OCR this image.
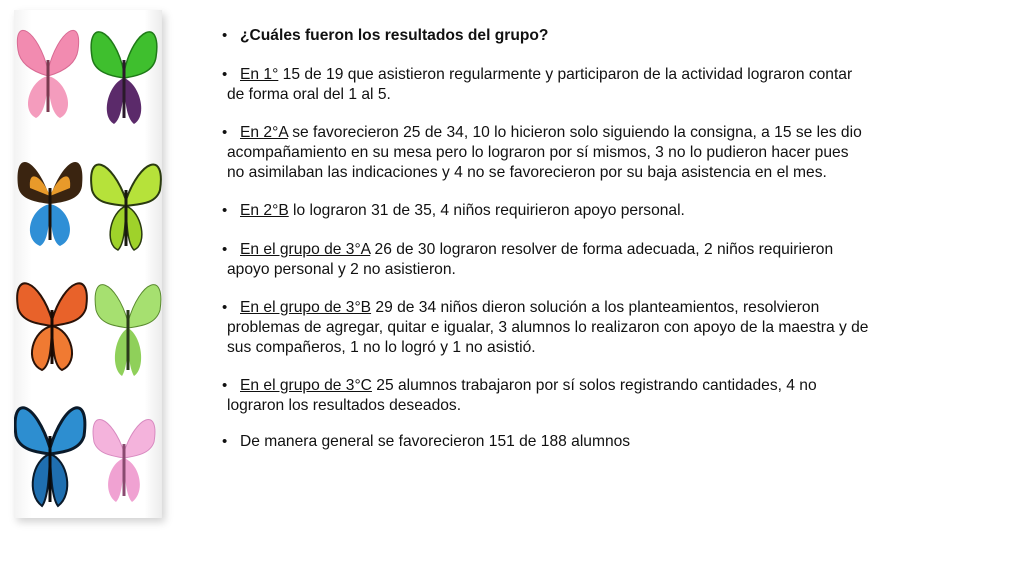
• ¿Cuáles fueron los resultados del grupo?
• En 1° 15 de 19 que asistieron regularmente y participaron de la actividad lograron contar
de forma oral del 1 al 5.
• En 2°A se favorecieron 25 de 34, 10 lo hicieron solo siguiendo la consigna, a 15 se les dio
acompañamiento en su mesa pero lo lograron por sí mismos, 3 no lo pudieron hacer pues
no asimilaban las indicaciones y 4 no se favorecieron por su baja asistencia en el mes.
• En 2°B lo lograron 31 de 35, 4 niños requirieron apoyo personal.
• En el grupo de 3°A 26 de 30 lograron resolver de forma adecuada, 2 niños requirieron
apoyo personal y 2 no asistieron.
• En el grupo de 3°B 29 de 34 niños dieron solución a los planteamientos, resolvieron
problemas de agregar, quitar e igualar, 3 alumnos lo realizaron con apoyo de la maestra y de
sus compañeros, 1 no lo logró y 1 no asistió.
• En el grupo de 3°C 25 alumnos trabajaron por sí solos registrando cantidades, 4 no
lograron los resultados deseados.
• De manera general se favorecieron 151 de 188 alumnos
